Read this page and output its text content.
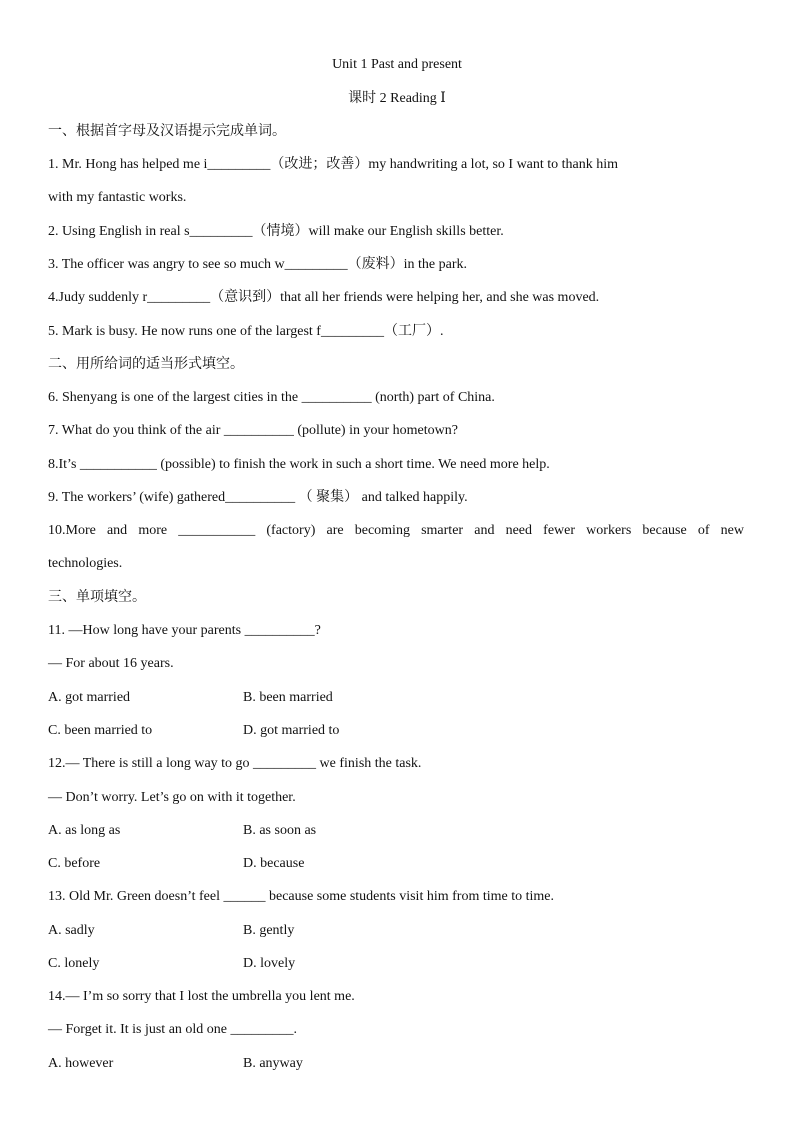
Unit 1 Past and present
课时 2 Reading Ⅰ
一、根据首字母及汉语提示完成单词。
1. Mr. Hong has helped me i_________（改进；改善）my handwriting a lot, so I want to thank him
with my fantastic works.
2. Using English in real s_________（情境）will make our English skills better.
3. The officer was angry to see so much w_________（废料）in the park.
4.Judy suddenly r_________（意识到）that all her friends were helping her, and she was moved.
5. Mark is busy. He now runs one of the largest f_________（工厂）.
二、用所给词的适当形式填空。
6. Shenyang is one of the largest cities in the __________ (north) part of China.
7. What do you think of the air __________ (pollute) in your hometown?
8.It’s ___________ (possible) to finish the work in such a short time. We need more help.
9. The workers’ (wife) gathered__________ （ 聚集） and talked happily.
10.More and more ___________ (factory) are becoming smarter and need fewer workers because of new
technologies.
三、单项填空。
11. —How long have your parents __________?
— For about 16 years.
A. got married	B. been married
C. been married to	D. got married to
12.— There is still a long way to go _________ we finish the task.
— Don’t worry. Let’s go on with it together.
A. as long as	B. as soon as
C. before	D. because
13. Old Mr. Green doesn’t feel ______ because some students visit him from time to time.
A. sadly	B. gently
C. lonely	D. lovely
14.— I’m so sorry that I lost the umbrella you lent me.
— Forget it. It is just an old one _________.
A. however	B. anyway
